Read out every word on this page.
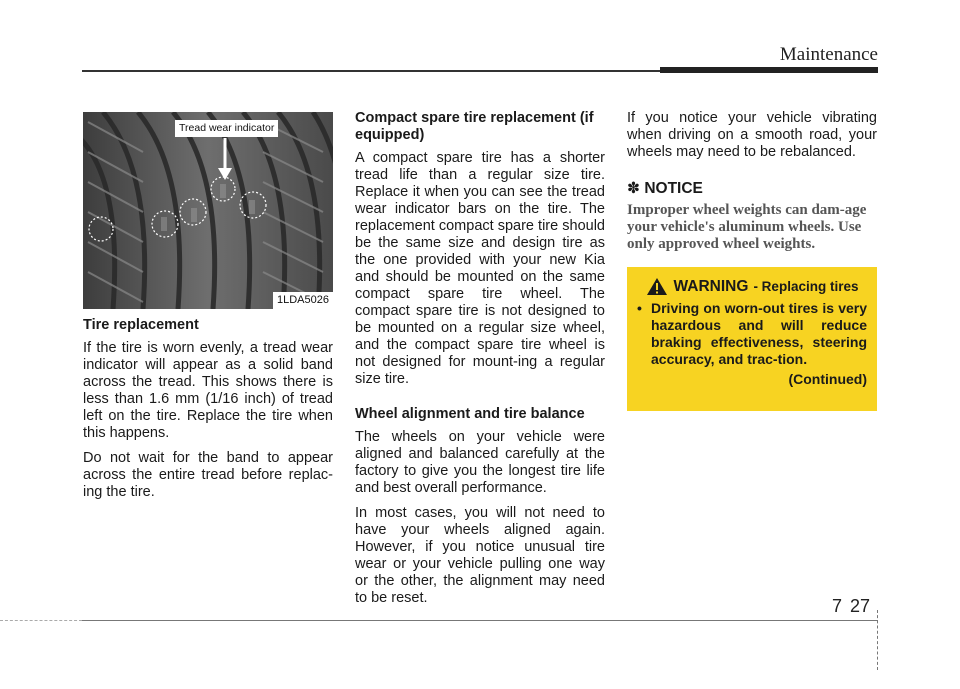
Maintenance
Tread wear indicator
1LDA5026
Tire replacement

If the tire is worn evenly, a tread wear indicator will appear as a solid band across the tread. This shows there is less than 1.6 mm (1/16 inch) of tread left on the tire. Replace the tire when this happens.

Do not wait for the band to appear across the entire tread before replac-ing the tire.

Compact spare tire replacement (if equipped)

A compact spare tire has a shorter tread life than a regular size tire. Replace it when you can see the tread wear indicator bars on the tire. The replacement compact spare tire should be the same size and design tire as the one provided with your new Kia and should be mounted on the same compact spare tire wheel. The compact spare tire is not designed to be mounted on a regular size wheel, and the compact spare tire wheel is not designed for mount-ing a regular size tire.

Wheel alignment and tire balance

The wheels on your vehicle were aligned and balanced carefully at the factory to give you the longest tire life and best overall performance.

In most cases, you will not need to have your wheels aligned again. However, if you notice unusual tire wear or your vehicle pulling one way or the other, the alignment may need to be reset.

If you notice your vehicle vibrating when driving on a smooth road, your wheels may need to be rebalanced.

✽ NOTICE
Improper wheel weights can dam-age your vehicle's aluminum wheels. Use only approved wheel weights.
WARNING - Replacing tires
• Driving on worn-out tires is very hazardous and will reduce braking effectiveness, steering accuracy, and trac-tion.
(Continued)
7 27
